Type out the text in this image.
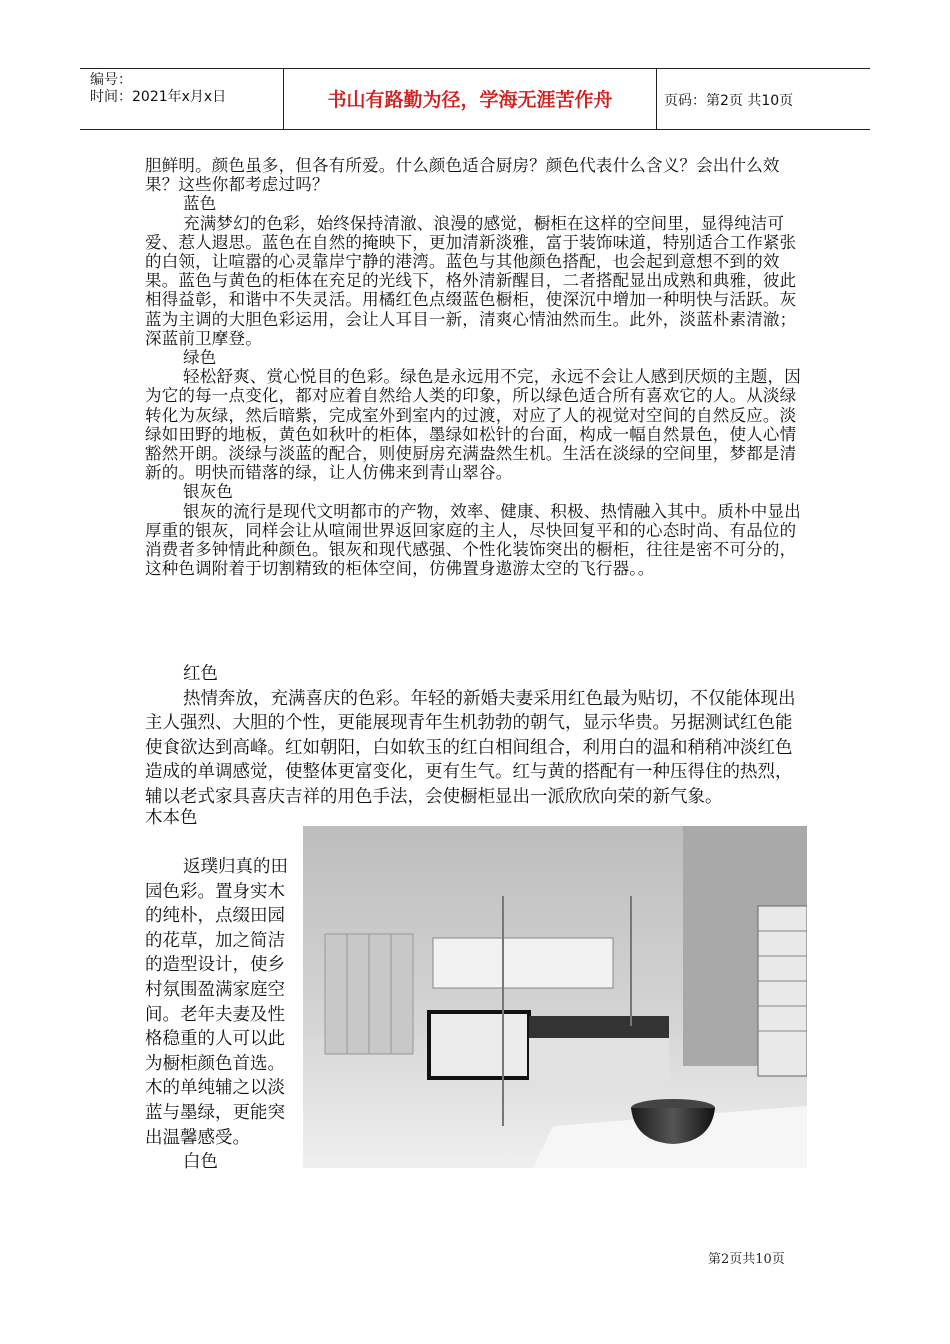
编号：
时间：2021年x月x日	书山有路勤为径，学海无涯苦作舟	页码：第2页 共10页

胆鲜明。颜色虽多，但各有所爱。什么颜色适合厨房？颜色代表什么含义？会出什么效果？这些你都考虑过吗？

蓝色

充满梦幻的色彩，始终保持清澈、浪漫的感觉，橱柜在这样的空间里，显得纯洁可爱、惹人遐思。蓝色在自然的掩映下，更加清新淡雅，富于装饰味道，特别适合工作紧张的白领，让喧嚣的心灵靠岸宁静的港湾。蓝色与其他颜色搭配，也会起到意想不到的效果。蓝色与黄色的柜体在充足的光线下，格外清新醒目，二者搭配显出成熟和典雅，彼此相得益彰，和谐中不失灵活。用橘红色点缀蓝色橱柜，使深沉中增加一种明快与活跃。灰蓝为主调的大胆色彩运用，会让人耳目一新，清爽心情油然而生。此外，淡蓝朴素清澈；深蓝前卫摩登。

绿色

轻松舒爽、赏心悦目的色彩。绿色是永远用不完，永远不会让人感到厌烦的主题，因为它的每一点变化，都对应着自然给人类的印象，所以绿色适合所有喜欢它的人。从淡绿转化为灰绿，然后暗紫，完成室外到室内的过渡，对应了人的视觉对空间的自然反应。淡绿如田野的地板，黄色如秋叶的柜体，墨绿如松针的台面，构成一幅自然景色，使人心情豁然开朗。淡绿与淡蓝的配合，则使厨房充满盎然生机。生活在淡绿的空间里，梦都是清新的。明快而错落的绿，让人仿佛来到青山翠谷。

银灰色

银灰的流行是现代文明都市的产物，效率、健康、积极、热情融入其中。质朴中显出厚重的银灰，同样会让从喧闹世界返回家庭的主人，尽快回复平和的心态时尚、有品位的消费者多钟情此种颜色。银灰和现代感强、个性化装饰突出的橱柜，往往是密不可分的，这种色调附着于切割精致的柜体空间，仿佛置身遨游太空的飞行器。。

红色

热情奔放，充满喜庆的色彩。年轻的新婚夫妻采用红色最为贴切，不仅能体现出主人强烈、大胆的个性，更能展现青年生机勃勃的朝气，显示华贵。另据测试红色能使食欲达到高峰。红如朝阳，白如软玉的红白相间组合，利用白的温和稍稍冲淡红色造成的单调感觉，使整体更富变化，更有生气。红与黄的搭配有一种压得住的热烈，辅以老式家具喜庆吉祥的用色手法，会使橱柜显出一派欣欣向荣的新气象。

木本色

返璞归真的田园色彩。置身实木的纯朴，点缀田园的花草，加之简洁的造型设计，使乡村氛围盈满家庭空间。老年夫妻及性格稳重的人可以此为橱柜颜色首选。木的单纯辅之以淡蓝与墨绿，更能突出温馨感受。

白色

第2页共10页
